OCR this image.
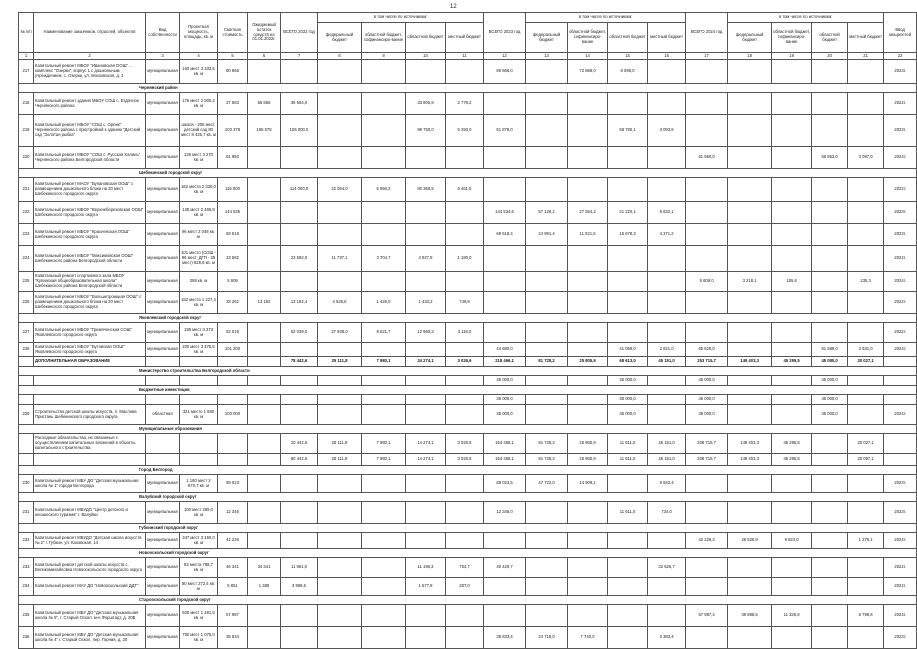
12
№ п/п	Наименование заказчиков, отраслей, объектов	Вид собственности	Проектная мощность, площадь, кв. м	Сметная стоимость	Ожидаемый остаток средств на 01.01.2022г.	ВСЕГО 2022 год	в том числе по источникам:				ВСЕГО 2023 год	в том числе по источникам:				ВСЕГО 2024 год	в том числе по источникам:				Ввод мощностей
							федеральный бюджет	областной бюджет, софинансиро-вание	областной бюджет	местный бюджет		федеральный бюджет	областной бюджет, софинансиро-вание	областной бюджет	местный бюджет		федеральный бюджет	областной бюджет, софинансиро-вание	областной бюджет	местный бюджет	
1	2	3	4	5	6	7	8	9	10	11	12	13	14	15	16	17	18	19	20	21	22
217	Капитальный ремонт МБОУ "Ивановская ООШ" ... комплекс "Озерки", корпус 1 с дошкольным учреждением, с. Озерки, ул. Московская, д. 2	муниципальная	160 мест 3 333,5 кв. м	80 866							80 866,0		72 868,0	8 098,0							2023г.
Чернянский район																					
218	Капитальный ремонт здания МБОУ СОШ с. Ездочное Чернянского района	муниципальная	176 мест 2 900,4 кв. м	37 583	55 565	36 564,0			33 905,8	2 778,2											2022г.
219	Капитальный ремонт МБОУ "СОШ с. Орлик" Чернянского района с пристройкой к зданию "Детский сад "Золотая рыбка"	муниципальная	школа - 206 мест, детский сад 80 мест 8 425,7 кв. м	103 378	195 578	105 000,0			99 750,0	5 250,0	61 878,0			58 785,1	3 093,9						2023г.
220	Капитальный ремонт МБОУ "СОШ с. Русская Халань" Чернянского района Белгородской области	муниципальная	125 мест 3 270 кв. м	61 950												61 950,0			58 853,0	3 097,0	2024г.
Шебекинский городской округ																					
221	Капитальный ремонт МАОУ "Булановская ООШ" с размещением дошкольного блока на 20 мест Шебекинского городского округа	муниципальная	162 места 2 330,0 кв. м	116 000		114 000,0	22 064,0	6 950,2	80 360,5	6 461,5											2022г.
222	Капитальный ремонт МБОУ "Верхнеберезовская ООШ" Шебекинского городского округа	муниципальная	138 мест 2 465,9 кв. м	144 535							144 534,6	57 128,2	27 554,2	21 220,1	8 632,1						2023г.
223	Капитальный ремонт МБОУ "Красненская ООШ" Шебекинского городского округа	муниципальная	96 мест 2 048 кв. м	69 518							69 518,4	24 991,4	11 021,5	16 678,3	4 371,2						2023г.
224	Капитальный ремонт МБОУ "Максимовская ООШ" Шебекинского района Белгородской области	муниципальная	101 место (СОШ - 96 мест, ДГП - 35 мест) 928,8 кв. м	23 582		23 582,0	11 737,1	3 704,7	4 927,8	1 180,0											2022г.
225	Капитальный ремонт спортивного зала МБОУ "Купинская общеобразовательная школа" Шебекинского района Белгородской области	муниципальная	288 кв. м	5 609												5 609,0	3 218,1	185,6		235,3	2024г.
226	Капитальный ремонт МБОУ "Большетроицкая ООШ" с размещением дошкольного блока на 20 мест Шебекинского городского округа	муниципальная	152 места 1 227,4 кв. м	28 262	13 182	13 182,4	4 526,6	1 426,0	1 433,3	749,8											2022г.
Яковлевский городской округ																					
227	Капитальный ремонт МБОУ "Гремяченская СОШ" Яковлевского городского округа	муниципальная	198 мест 3 373 кв. м	52 019		52 039,0	27 936,0	8 621,7	12 965,3	3 116,0											2022г.
228	Капитальный ремонт МБОУ "Бутовская ООШ" Яковлевского городского округа	муниципальная	200 мест 3 475,6 кв. м	101 200							44 680,0			41 059,0	2 621,0	65 520,0			61 589,0	3 931,0	2024г.
	ДОПОЛНИТЕЛЬНАЯ ОБРАЗОВАНИЕ					78 442,6	25 111,8	7 980,1	34 274,1	3 026,6	218 466,1	81 728,2	25 805,9	68 613,0	45 151,0	253 715,7	149 403,3	45 295,5	45 080,0	20 027,1	
Министерство строительства Белгородской области																					
											35 000,0			35 000,0		45 000,0			45 000,0		
Бюджетные инвестиции																					
											35 000,0			35 000,0		45 000,0			45 000,0		
229	Строительство детской школы искусств, п. Маслова Пристань Шебекинского городского округа	областная	321 место 1 580 кв. м	100 000							35 000,0			35 000,0		45 000,0			45 000,0		2024г.
Муниципальные образования																					
	Расходные обязательства, не связанные с осуществлением капитальных вложений в объекты капитального строительства					10 442,6	25 111,8	7 980,1	14 274,1	3 026,6	164 466,1	81 728,2	25 805,9	11 611,0	45 151,0	208 715,7	149 403,3	45 295,5		20 027,1	
						80 442,6	25 111,8	7 980,1	14 274,1	3 026,6	164 466,1	81 728,2	25 805,9	11 611,0	45 151,0	208 715,7	149 403,3	45 295,5		20 097,1	
Город Белгород																					
230	Капитальный ремонт МБУ ДО "Детская музыкальная школа № 1" города Белгорода	муниципальная	1 180 мест 2 870,7 кв. м	69 023							69 023,5	47 722,0	14 909,1		6 942,4						2023г.
Валуйский городской округ																					
231	Капитальный ремонт МБУДО "Центр детского и юношеского туризма" г. Валуйки	муниципальная	100 мест 289,0 кв. м	12 346							12 346,0			11 611,0	734,0						2023г.
Губкинский городской округ																					
232	Капитальный ремонт МБУДО "Детская школа искусств № 2" г. Губкин, ул. Каховская, 14	муниципальная	347 мест 3 150,0 кв. м	42 226												42 226,3	26 526,9	9 824,0		1 276,1	2024г.
Новооскольский городской округ																					
233	Капитальный ремонт детской школы искусств с. Великомихайловка Новооскольского городского округа	муниципальная	83 места 788,7 кв. м	46 341	34 341	11 961,0			11 196,3	754,7	40 429,7				32 626,7						2022г.
234	Капитальный ремонт МАУ ДО "Новооскольский ДДТ"	муниципальная	80 мест 272,4 кв. м	5 851	1 388	3 868,6			1 577,8	287,0											2022г.
Старооскольский городской округ																					
235	Капитальный ремонт МБУ ДО "Детская музыкальная школа № 5", г. Старый Оскол, м-н Форштадт, д. 20Б	муниципальная	500 мест 1 481,5 кв. м	57 987												57 987,4	39 888,5	11 325,8		5 798,8	2024г.
236	Капитальный ремонт МБУ ДО "Детская музыкальная школа № 4" г. Старый Оскол, пер. Горная, д. 20	муниципальная	750 мест 1 075,0 кв. м	35 834							35 833,4	24 718,0	7 740,0		3 383,4						2023г.
